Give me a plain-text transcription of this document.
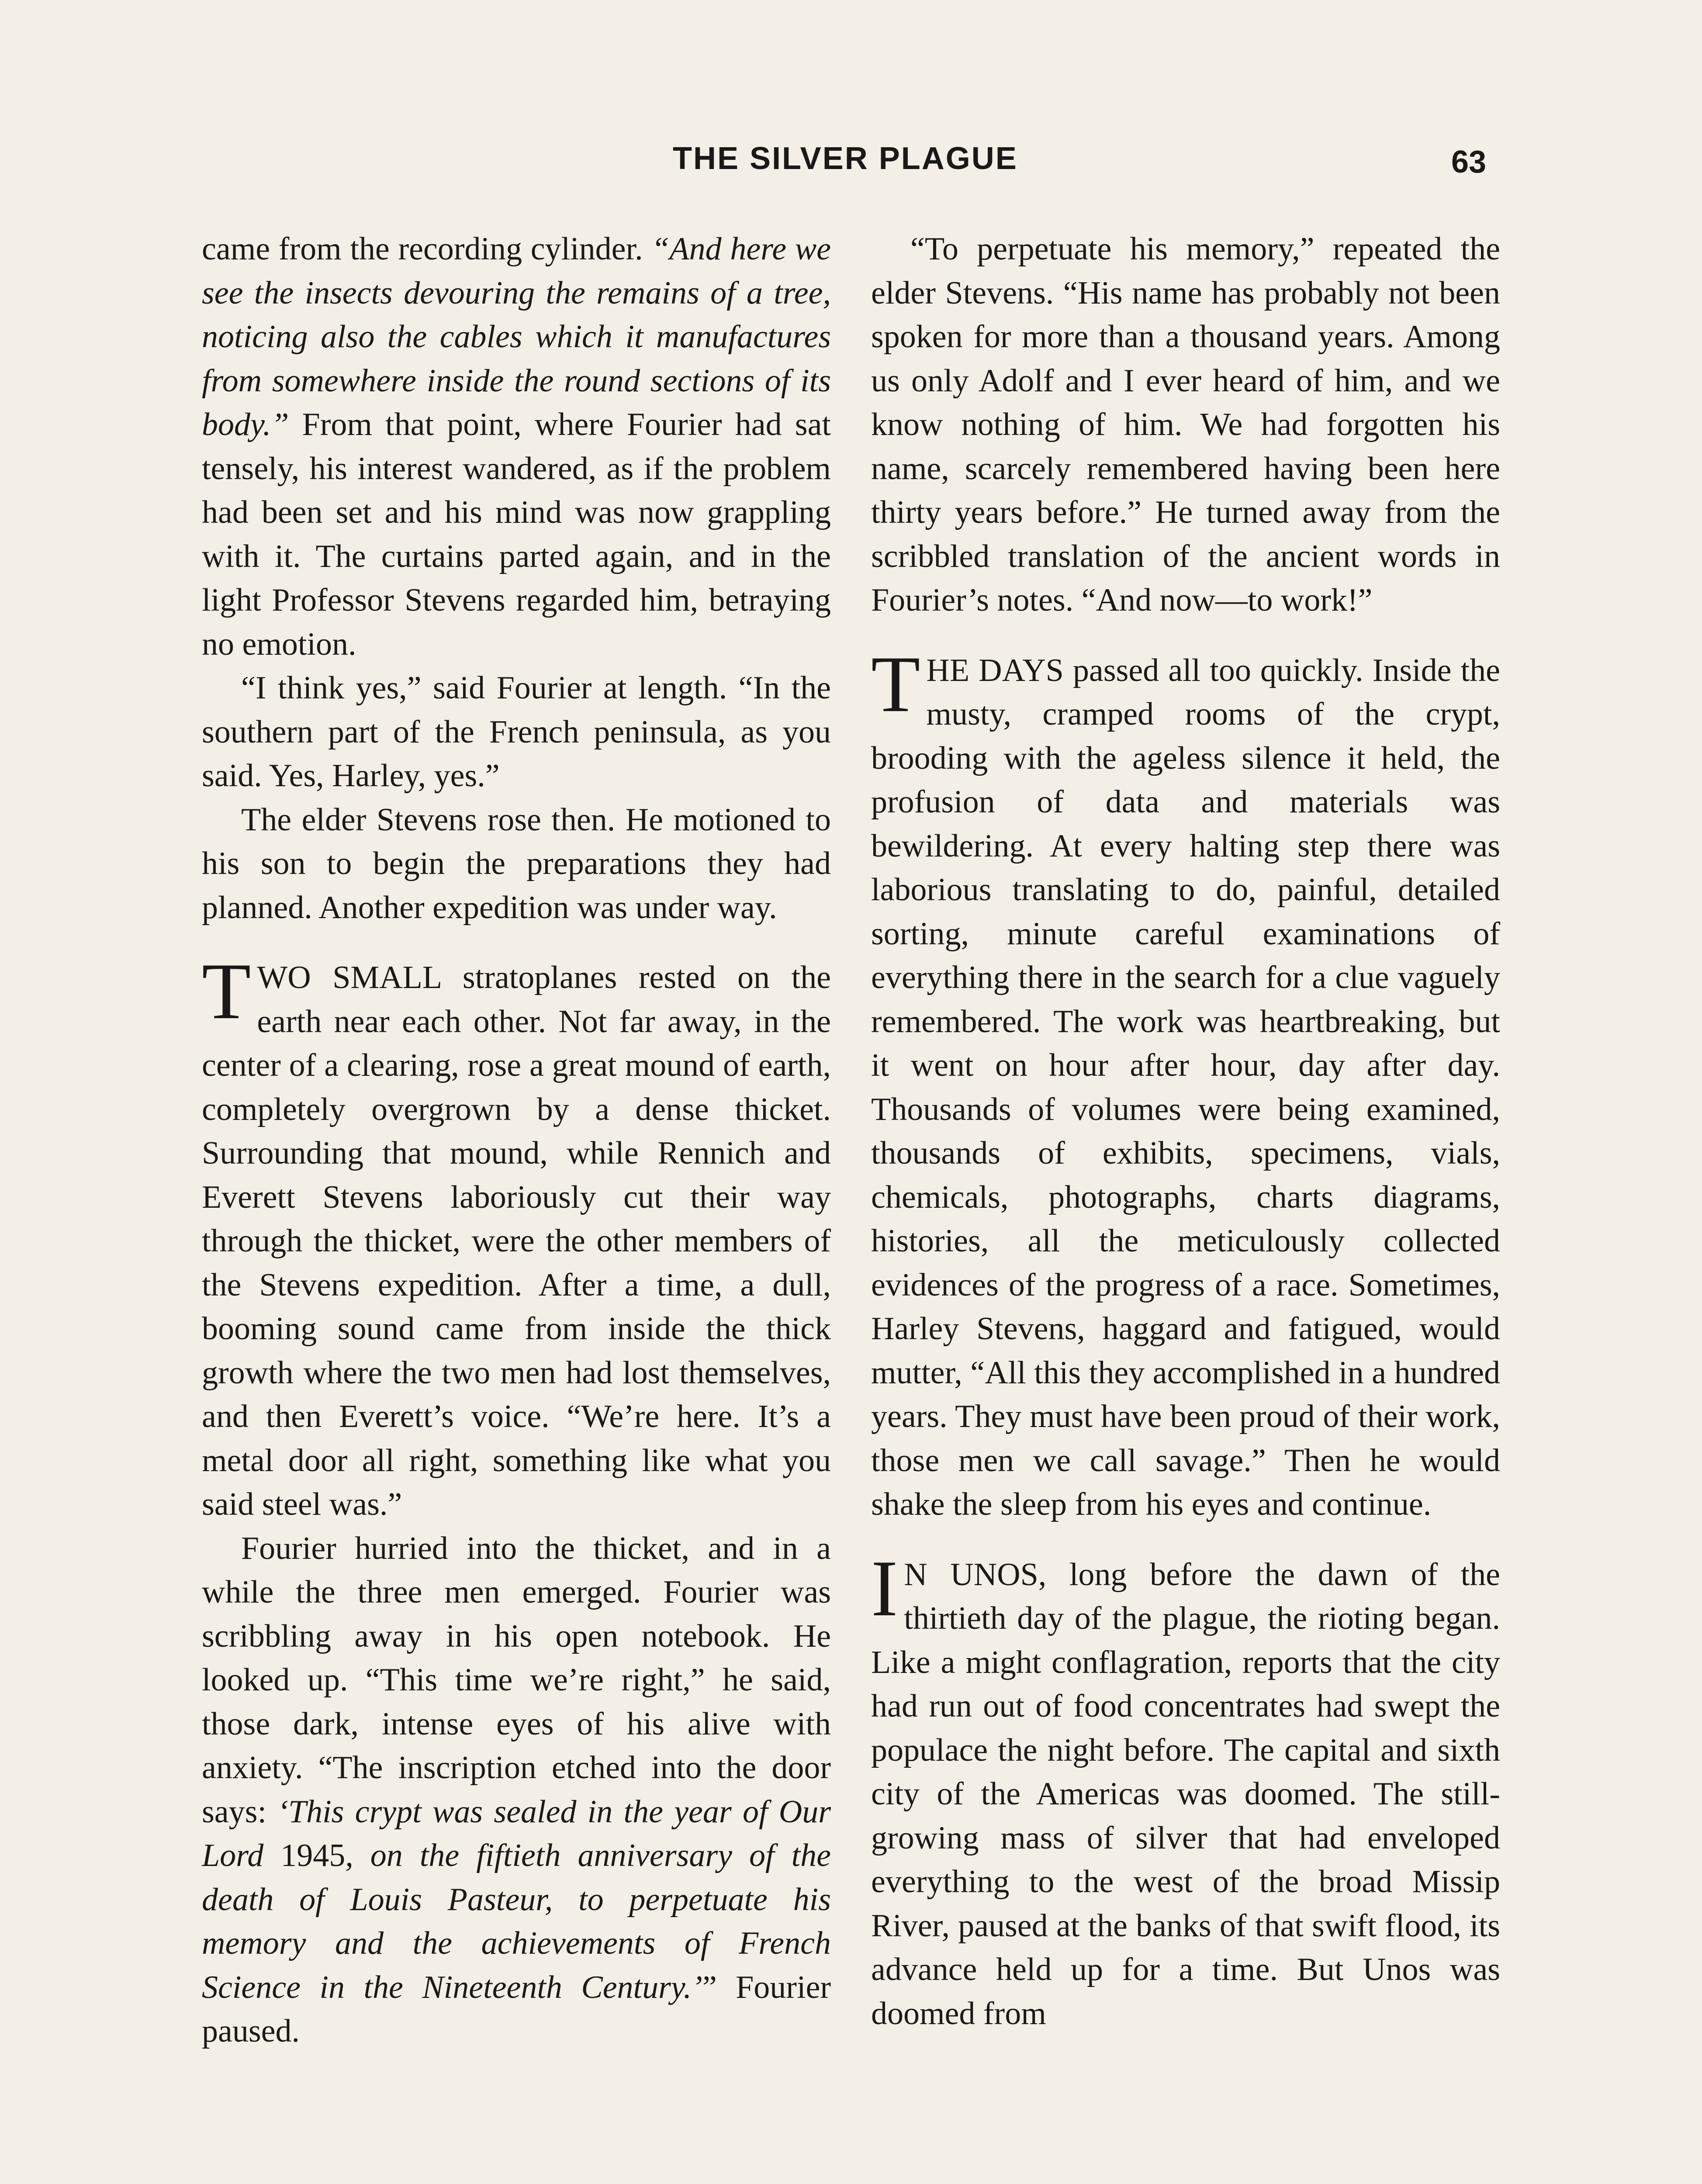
THE SILVER PLAGUE	63

came from the recording cylinder. “And here we see the insects devouring the remains of a tree, noticing also the cables which it manufactures from somewhere inside the round sections of its body.” From that point, where Fourier had sat tensely, his interest wandered, as if the problem had been set and his mind was now grappling with it. The curtains parted again, and in the light Professor Stevens regarded him, betraying no emotion.

“I think yes,” said Fourier at length. “In the southern part of the French peninsula, as you said. Yes, Harley, yes.”

The elder Stevens rose then. He motioned to his son to begin the preparations they had planned. Another expedition was under way.

TWO SMALL stratoplanes rested on the earth near each other. Not far away, in the center of a clearing, rose a great mound of earth, completely overgrown by a dense thicket. Surrounding that mound, while Rennich and Everett Stevens laboriously cut their way through the thicket, were the other members of the Stevens expedition. After a time, a dull, booming sound came from inside the thick growth where the two men had lost themselves, and then Everett’s voice. “We’re here. It’s a metal door all right, something like what you said steel was.”

Fourier hurried into the thicket, and in a while the three men emerged. Fourier was scribbling away in his open notebook. He looked up. “This time we’re right,” he said, those dark, intense eyes of his alive with anxiety. “The inscription etched into the door says: ‘This crypt was sealed in the year of Our Lord 1945, on the fiftieth anniversary of the death of Louis Pasteur, to perpetuate his memory and the achievements of French Science in the Nineteenth Century.’” Fourier paused.

“To perpetuate his memory,” repeated the elder Stevens. “His name has probably not been spoken for more than a thousand years. Among us only Adolf and I ever heard of him, and we know nothing of him. We had forgotten his name, scarcely remembered having been here thirty years before.” He turned away from the scribbled translation of the ancient words in Fourier’s notes. “And now—to work!”

THE DAYS passed all too quickly. Inside the musty, cramped rooms of the crypt, brooding with the ageless silence it held, the profusion of data and materials was bewildering. At every halting step there was laborious translating to do, painful, detailed sorting, minute careful examinations of everything there in the search for a clue vaguely remembered. The work was heartbreaking, but it went on hour after hour, day after day. Thousands of volumes were being examined, thousands of exhibits, specimens, vials, chemicals, photographs, charts diagrams, histories, all the meticulously collected evidences of the progress of a race. Sometimes, Harley Stevens, haggard and fatigued, would mutter, “All this they accomplished in a hundred years. They must have been proud of their work, those men we call savage.” Then he would shake the sleep from his eyes and continue.

I N UNOS, long before the dawn of the thirtieth day of the plague, the rioting began. Like a might conflagration, reports that the city had run out of food concentrates had swept the populace the night before. The capital and sixth city of the Americas was doomed. The still-growing mass of silver that had enveloped everything to the west of the broad Missip River, paused at the banks of that swift flood, its advance held up for a time. But Unos was doomed from
